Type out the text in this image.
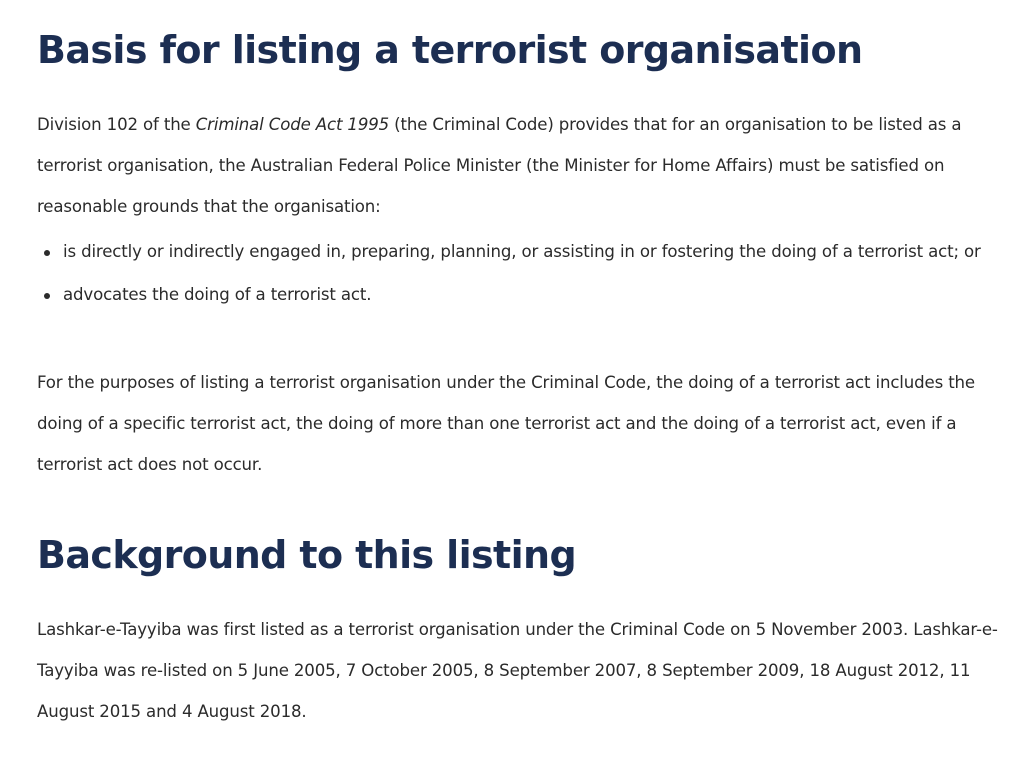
Basis for listing a terrorist organisation

Division 102 of the Criminal Code Act 1995 (the Criminal Code) provides that for an organisation to be listed as a terrorist organisation, the Australian Federal Police Minister (the Minister for Home Affairs) must be satisfied on reasonable grounds that the organisation:

is directly or indirectly engaged in, preparing, planning, or assisting in or fostering the doing of a terrorist act; or
advocates the doing of a terrorist act.

For the purposes of listing a terrorist organisation under the Criminal Code, the doing of a terrorist act includes the doing of a specific terrorist act, the doing of more than one terrorist act and the doing of a terrorist act, even if a terrorist act does not occur.

Background to this listing

Lashkar-e-Tayyiba was first listed as a terrorist organisation under the Criminal Code on 5 November 2003. Lashkar-e-Tayyiba was re-listed on 5 June 2005, 7 October 2005, 8 September 2007, 8 September 2009, 18 August 2012, 11 August 2015 and 4 August 2018.
